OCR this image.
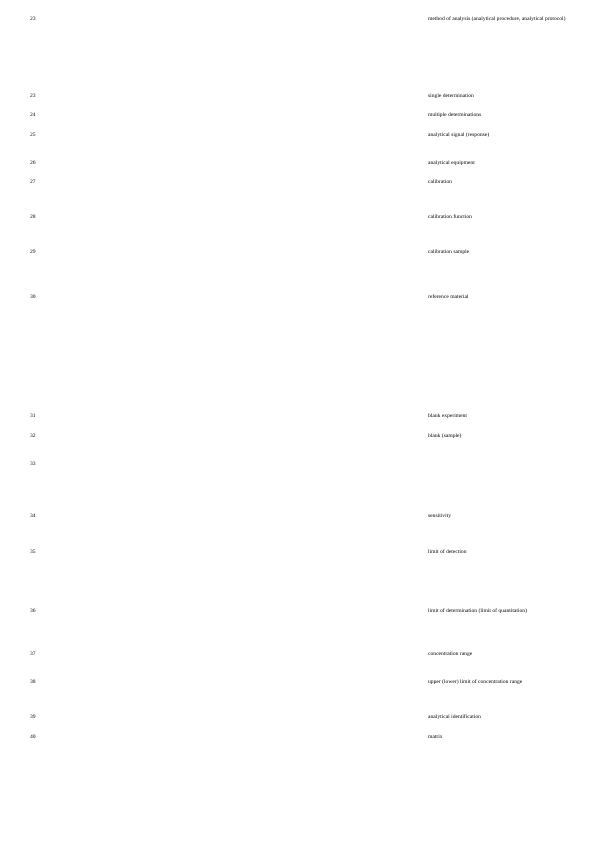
23	method of analysis (analytical procedure, analytical protocol)
23	single determination
24	multiple determinations
25	analytical signal (response)
26	analytical equipment
27	calibration
28	calibration function
29	calibration sample
30	reference material
31	blank experiment
32	blank (sample)
33
34	sensitivity
35	limit of detection
36	limit of determination (limit of quantitation)
37	concentration range
38	upper (lower) limit of concentration range
39	analytical identification
40	matrix
